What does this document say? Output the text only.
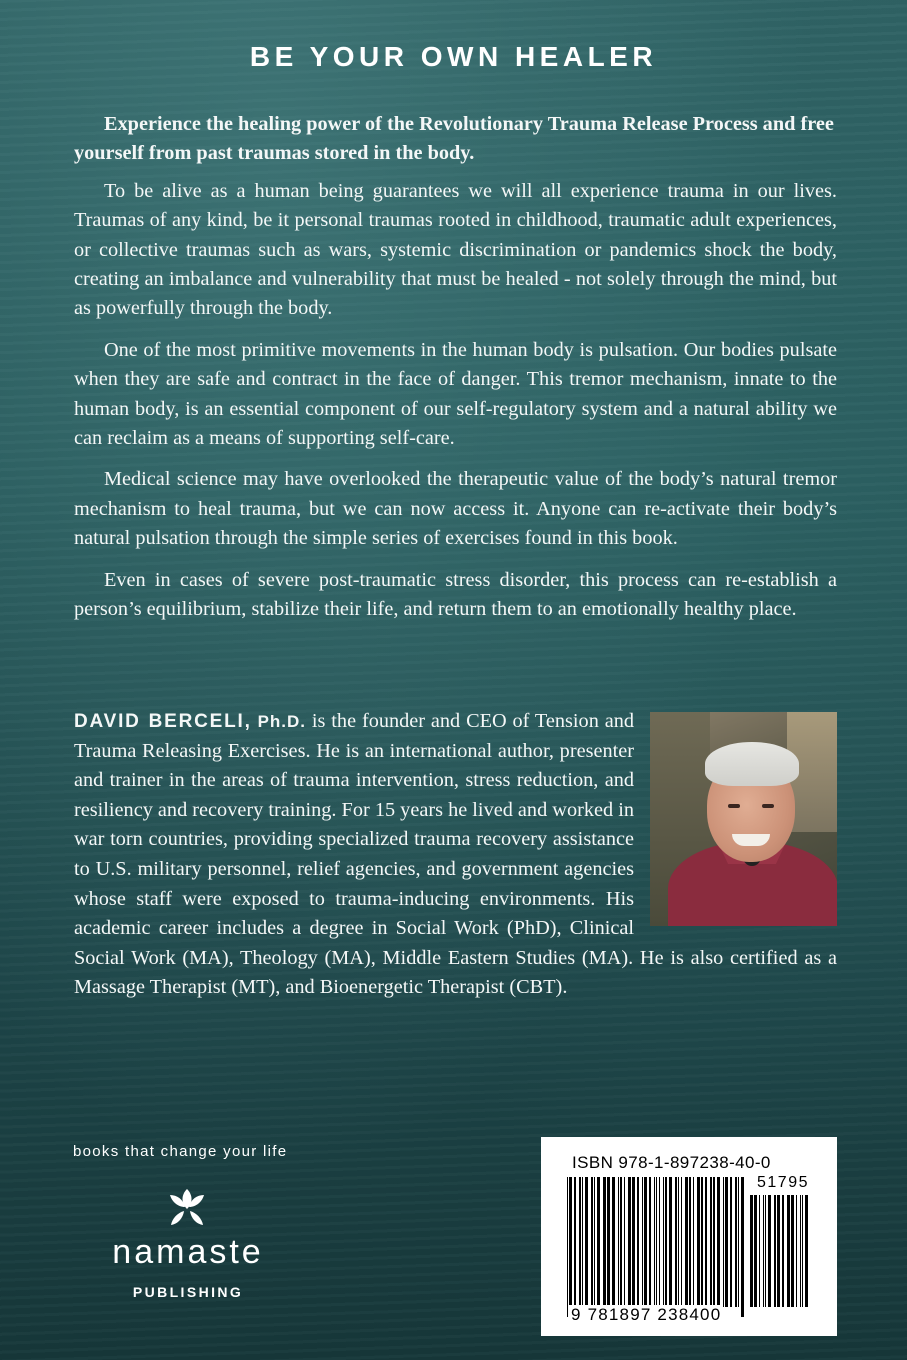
BE YOUR OWN HEALER

Experience the healing power of the Revolutionary Trauma Release Process and free yourself from past traumas stored in the body.

To be alive as a human being guarantees we will all experience trauma in our lives. Traumas of any kind, be it personal traumas rooted in childhood, traumatic adult experiences, or collective traumas such as wars, systemic discrimination or pandemics shock the body, creating an imbalance and vulnerability that must be healed - not solely through the mind, but as powerfully through the body.

One of the most primitive movements in the human body is pulsation. Our bodies pulsate when they are safe and contract in the face of danger. This tremor mechanism, innate to the human body, is an essential component of our self-regulatory system and a natural ability we can reclaim as a means of supporting self-care.

Medical science may have overlooked the therapeutic value of the body’s natural tremor mechanism to heal trauma, but we can now access it. Anyone can re-activate their body’s natural pulsation through the simple series of exercises found in this book.

Even in cases of severe post-traumatic stress disorder, this process can re-establish a person’s equilibrium, stabilize their life, and return them to an emotionally healthy place.

DAVID BERCELI, Ph.D. is the founder and CEO of Tension and Trauma Releasing Exercises. He is an international author, presenter and trainer in the areas of trauma intervention, stress reduction, and resiliency and recovery training. For 15 years he lived and worked in war torn countries, providing specialized trauma recovery assistance to U.S. military personnel, relief agencies, and government agencies whose staff were exposed to trauma-inducing environments. His academic career includes a degree in Social Work (PhD), Clinical Social Work (MA), Theology (MA), Middle Eastern Studies (MA). He is also certified as a Massage Therapist (MT), and Bioenergetic Therapist (CBT).
books that change your life
namaste
PUBLISHING
ISBN 978-1-897238-40-0
51795
9 781897 238400
